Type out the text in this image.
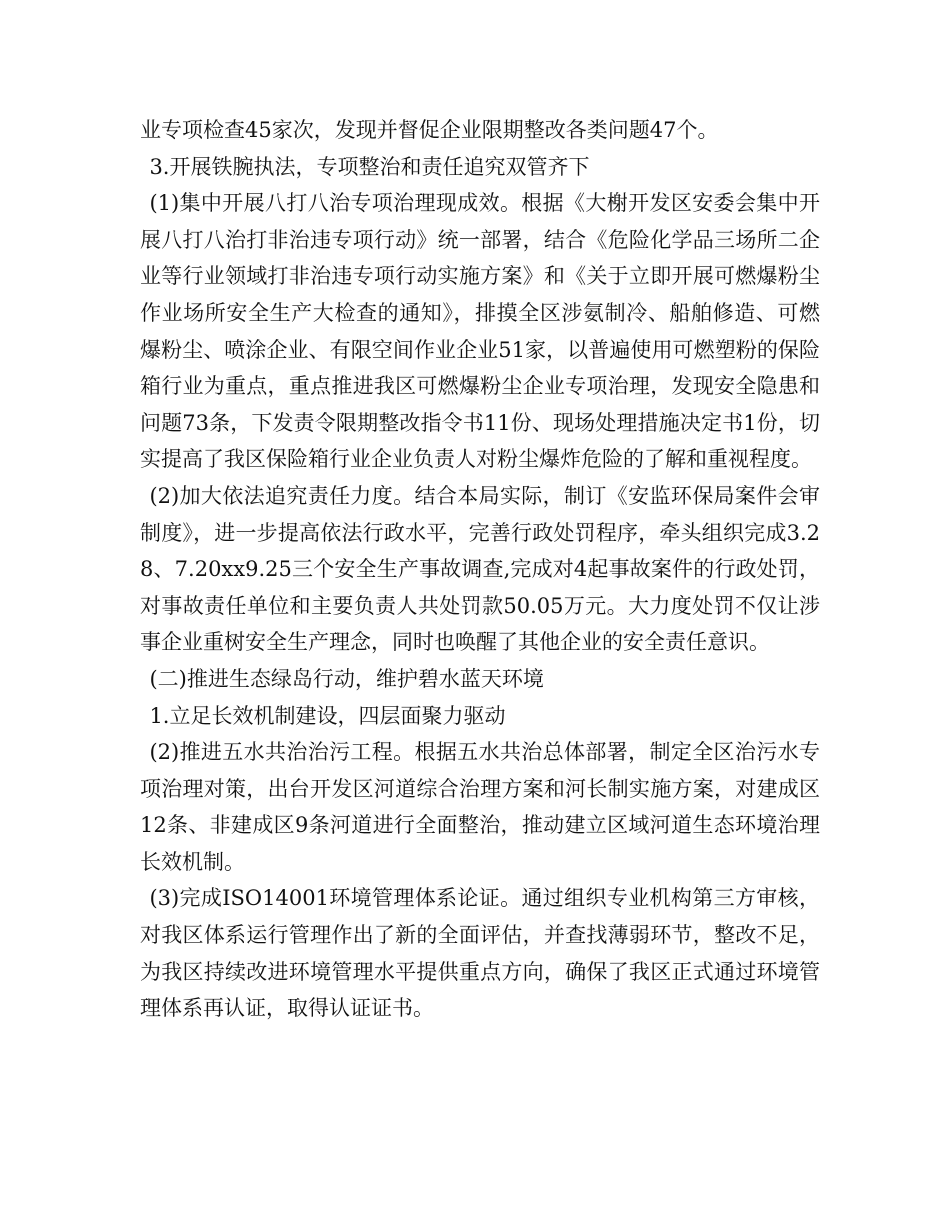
业专项检查45家次，发现并督促企业限期整改各类问题47个。

3.开展铁腕执法，专项整治和责任追究双管齐下

(1)集中开展八打八治专项治理现成效。根据《大榭开发区安委会集中开展八打八治打非治违专项行动》统一部署，结合《危险化学品三场所二企业等行业领域打非治违专项行动实施方案》和《关于立即开展可燃爆粉尘作业场所安全生产大检查的通知》，排摸全区涉氨制冷、船舶修造、可燃爆粉尘、喷涂企业、有限空间作业企业51家，以普遍使用可燃塑粉的保险箱行业为重点，重点推进我区可燃爆粉尘企业专项治理，发现安全隐患和问题73条，下发责令限期整改指令书11份、现场处理措施决定书1份，切实提高了我区保险箱行业企业负责人对粉尘爆炸危险的了解和重视程度。

(2)加大依法追究责任力度。结合本局实际，制订《安监环保局案件会审制度》，进一步提高依法行政水平，完善行政处罚程序，牵头组织完成3.28、7.20xx9.25三个安全生产事故调查,完成对4起事故案件的行政处罚，对事故责任单位和主要负责人共处罚款50.05万元。大力度处罚不仅让涉事企业重树安全生产理念，同时也唤醒了其他企业的安全责任意识。

(二)推进生态绿岛行动，维护碧水蓝天环境

1.立足长效机制建设，四层面聚力驱动

(2)推进五水共治治污工程。根据五水共治总体部署，制定全区治污水专项治理对策，出台开发区河道综合治理方案和河长制实施方案，对建成区12条、非建成区9条河道进行全面整治，推动建立区域河道生态环境治理长效机制。

(3)完成ISO14001环境管理体系论证。通过组织专业机构第三方审核，对我区体系运行管理作出了新的全面评估，并查找薄弱环节，整改不足，为我区持续改进环境管理水平提供重点方向，确保了我区正式通过环境管理体系再认证，取得认证证书。
